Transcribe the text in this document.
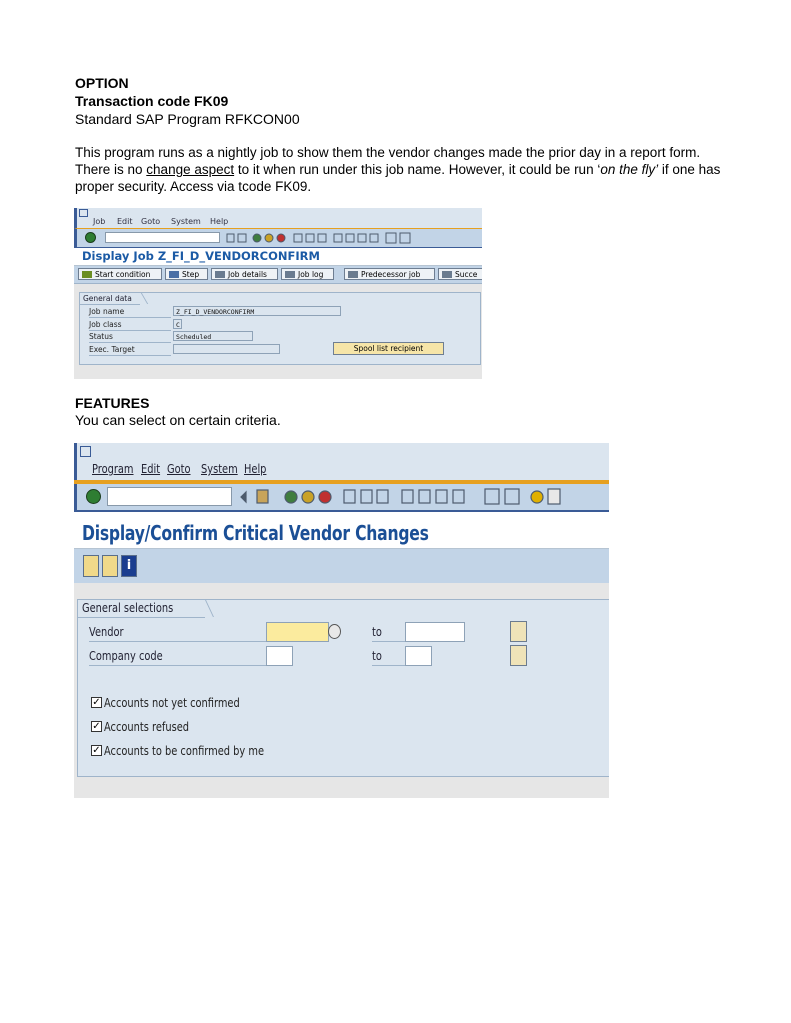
OPTION
Transaction code FK09
Standard SAP Program RFKCON00
This program runs as a nightly job to show them the vendor changes made the prior day in a report form. There is no change aspect to it when run under this job name. However, it could be run ‘on the fly’ if one has proper security. Access via tcode FK09.
FEATURES
You can select on certain criteria.
Job Edit Goto System Help
Display Job Z_FI_D_VENDORCONFIRM
Start condition	Step	Job details	Job log	Predecessor job	Succe
General data
Job name	Z_FI_D_VENDORCONFIRM
Job class	C
Status	Scheduled
Exec. Target	Spool list recipient
Program Edit Goto System Help
Display/Confirm Critical Vendor Changes
i
General selections
Vendor	to
Company code	to
✓ Accounts not yet confirmed
✓ Accounts refused
✓ Accounts to be confirmed by me
